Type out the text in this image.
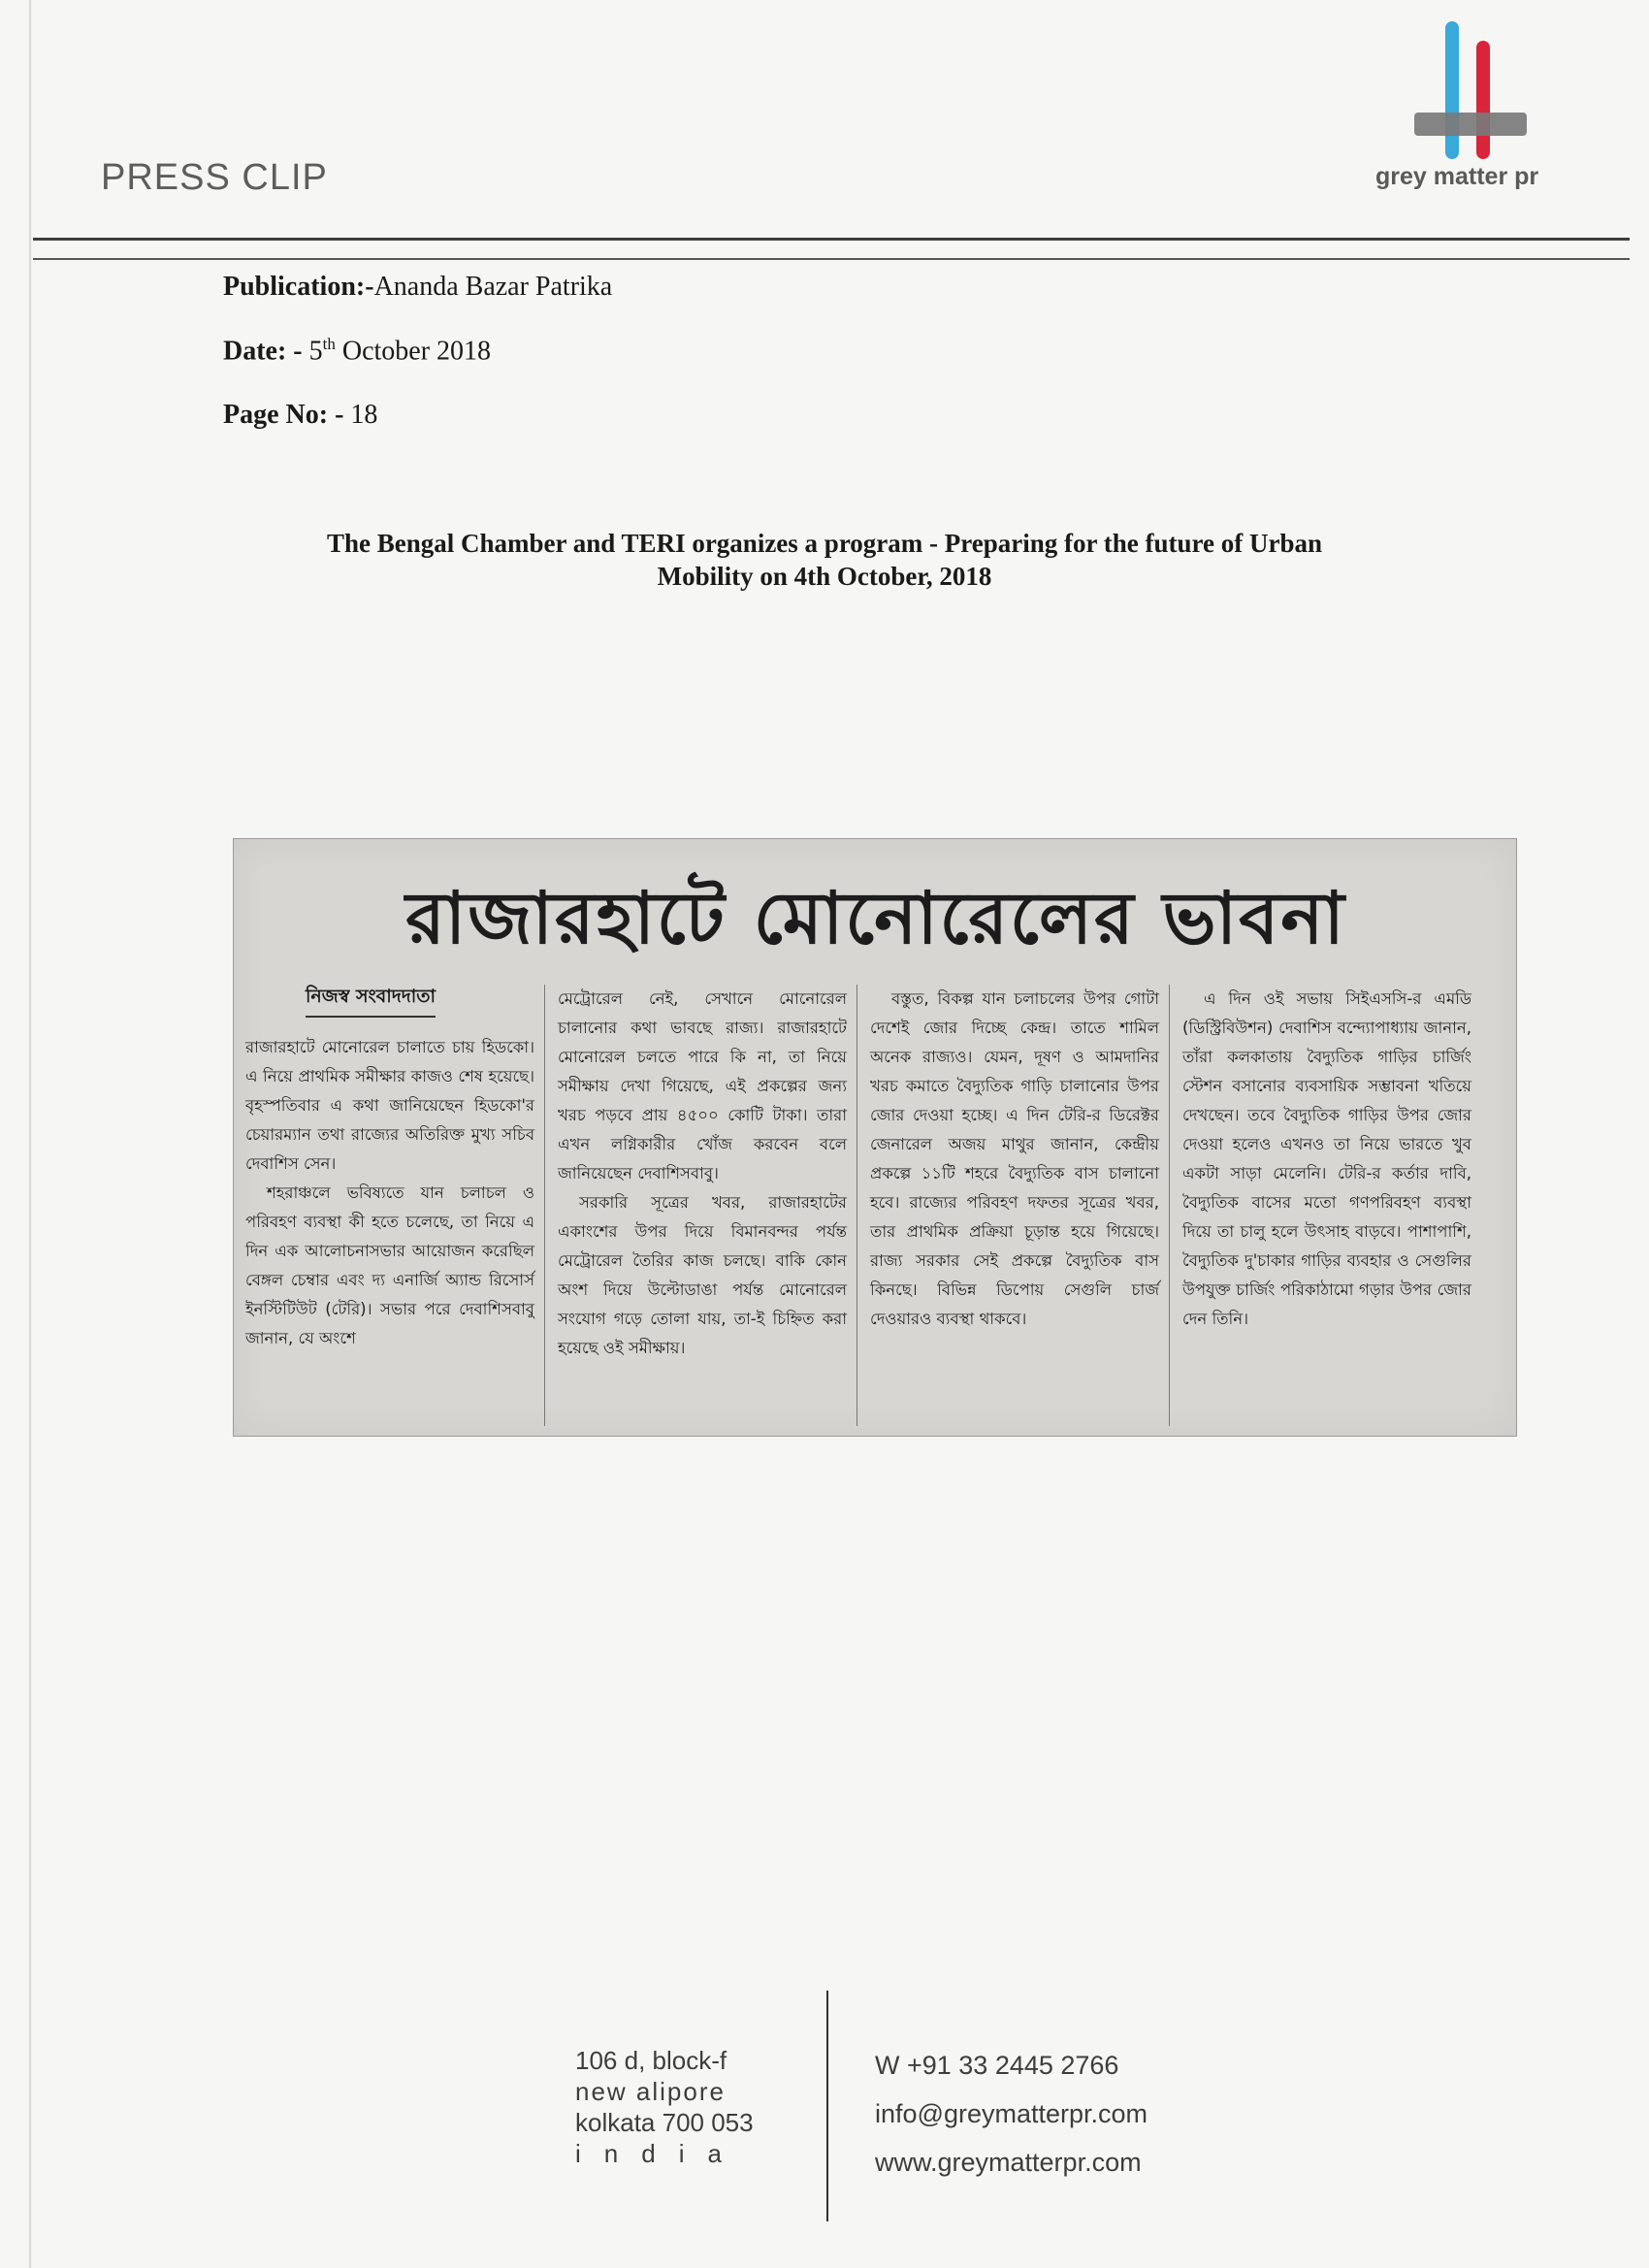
PRESS CLIP	grey matter pr
Publication:-Ananda Bazar Patrika
Date: - 5th October 2018
Page No: - 18
The Bengal Chamber and TERI organizes a program - Preparing for the future of Urban
Mobility on 4th October, 2018
রাজারহাটে মোনোরেলের ভাবনা
নিজস্ব সংবাদদাতা

রাজারহাটে মোনোরেল চালাতে চায় হিডকো। এ নিয়ে প্রাথমিক সমীক্ষার কাজও শেষ হয়েছে। বৃহস্পতিবার এ কথা জানিয়েছেন হিডকো'র চেয়ারম্যান তথা রাজ্যের অতিরিক্ত মুখ্য সচিব দেবাশিস সেন।

শহরাঞ্চলে ভবিষ্যতে যান চলাচল ও পরিবহণ ব্যবস্থা কী হতে চলেছে, তা নিয়ে এ দিন এক আলোচনাসভার আয়োজন করেছিল বেঙ্গল চেম্বার এবং দ্য এনার্জি অ্যান্ড রিসোর্স ইনস্টিটিউট (টেরি)। সভার পরে দেবাশিসবাবু জানান, যে অংশে

মেট্রোরেল নেই, সেখানে মোনোরেল চালানোর কথা ভাবছে রাজ্য। রাজারহাটে মোনোরেল চলতে পারে কি না, তা নিয়ে সমীক্ষায় দেখা গিয়েছে, এই প্রকল্পের জন্য খরচ পড়বে প্রায় ৪৫০০ কোটি টাকা। তারা এখন লগ্নিকারীর খোঁজ করবেন বলে জানিয়েছেন দেবাশিসবাবু।

সরকারি সূত্রের খবর, রাজারহাটের একাংশের উপর দিয়ে বিমানবন্দর পর্যন্ত মেট্রোরেল তৈরির কাজ চলছে। বাকি কোন অংশ দিয়ে উল্টোডাঙা পর্যন্ত মোনোরেল সংযোগ গড়ে তোলা যায়, তা-ই চিহ্নিত করা হয়েছে ওই সমীক্ষায়।

বস্তুত, বিকল্প যান চলাচলের উপর গোটা দেশেই জোর দিচ্ছে কেন্দ্র। তাতে শামিল অনেক রাজ্যও। যেমন, দূষণ ও আমদানির খরচ কমাতে বৈদ্যুতিক গাড়ি চালানোর উপর জোর দেওয়া হচ্ছে। এ দিন টেরি-র ডিরেক্টর জেনারেল অজয় মাথুর জানান, কেন্দ্রীয় প্রকল্পে ১১টি শহরে বৈদ্যুতিক বাস চালানো হবে। রাজ্যের পরিবহণ দফতর সূত্রের খবর, তার প্রাথমিক প্রক্রিয়া চূড়ান্ত হয়ে গিয়েছে। রাজ্য সরকার সেই প্রকল্পে বৈদ্যুতিক বাস কিনছে। বিভিন্ন ডিপোয় সেগুলি চার্জ দেওয়ারও ব্যবস্থা থাকবে।

এ দিন ওই সভায় সিইএসসি-র এমডি (ডিস্ট্রিবিউশন) দেবাশিস বন্দ্যোপাধ্যায় জানান, তাঁরা কলকাতায় বৈদ্যুতিক গাড়ির চার্জিং স্টেশন বসানোর ব্যবসায়িক সম্ভাবনা খতিয়ে দেখছেন। তবে বৈদ্যুতিক গাড়ির উপর জোর দেওয়া হলেও এখনও তা নিয়ে ভারতে খুব একটা সাড়া মেলেনি। টেরি-র কর্তার দাবি, বৈদ্যুতিক বাসের মতো গণপরিবহণ ব্যবস্থা দিয়ে তা চালু হলে উৎসাহ বাড়বে। পাশাপাশি, বৈদ্যুতিক দু'চাকার গাড়ির ব্যবহার ও সেগুলির উপযুক্ত চার্জিং পরিকাঠামো গড়ার উপর জোর দেন তিনি।

106 d, block-f
new alipore
kolkata 700 053
india
W +91 33 2445 2766
info@greymatterpr.com
www.greymatterpr.com
